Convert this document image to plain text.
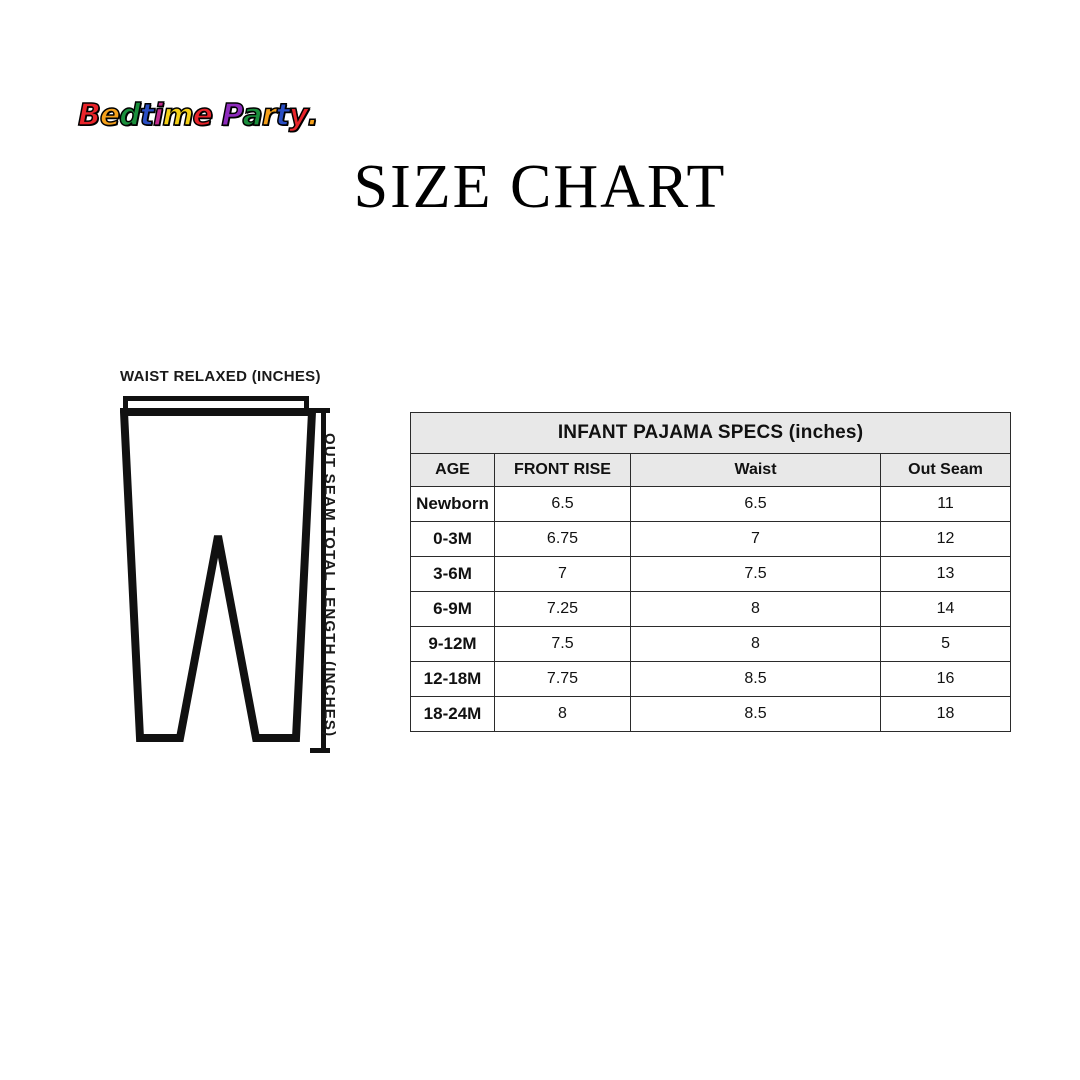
Bedtime Party.
SIZE CHART
WAIST RELAXED (INCHES)
OUT SEAM TOTAL LENGTH (INCHES)
INFANT PAJAMA SPECS (inches)			
AGE	FRONT RISE	Waist	Out Seam
Newborn	6.5	6.5	11
0-3M	6.75	7	12
3-6M	7	7.5	13
6-9M	7.25	8	14
9-12M	7.5	8	5
12-18M	7.75	8.5	16
18-24M	8	8.5	18
